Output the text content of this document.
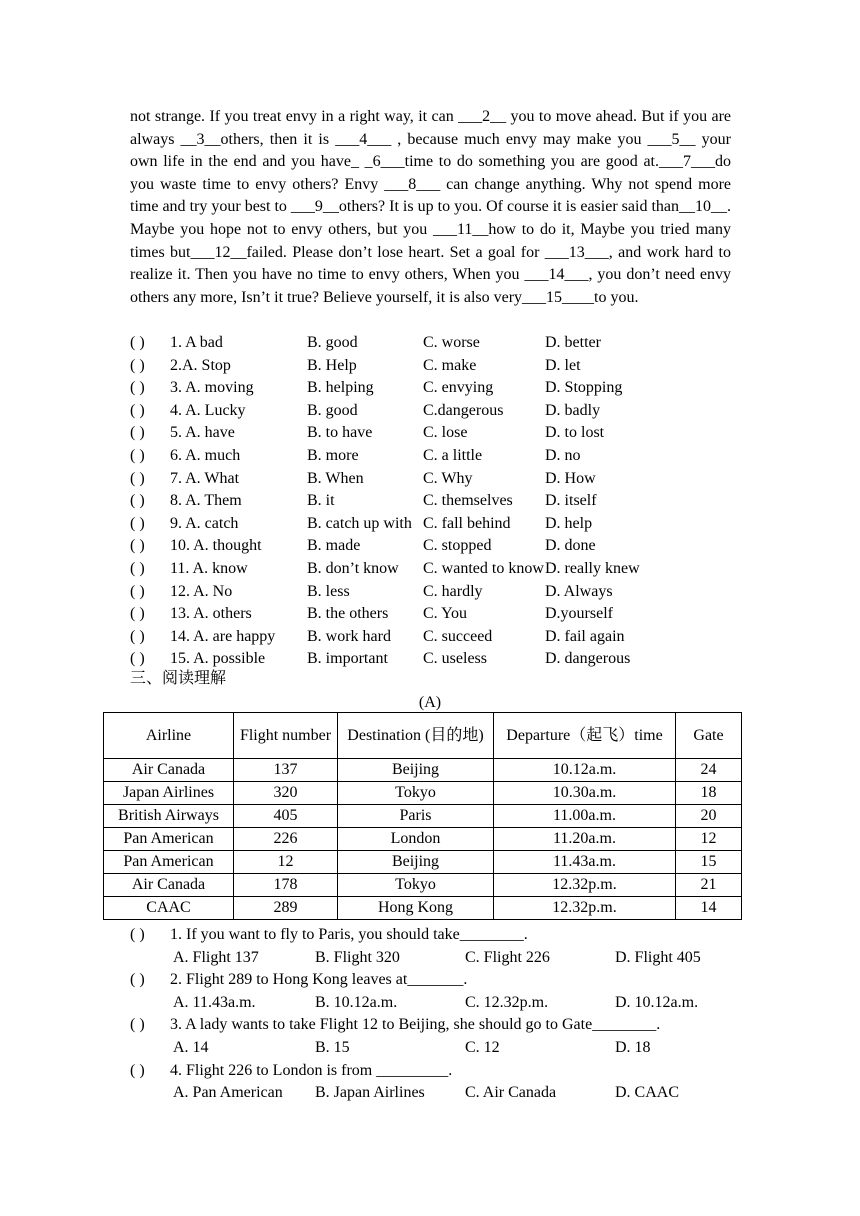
not strange. If you treat envy in a right way, it can ___2__ you to move ahead. But if you are always __3__others, then it is ___4___ , because much envy may make you ___5__ your own life in the end and you have_ _6___time to do something you are good at.___7___do you waste time to envy others? Envy ___8___ can change anything. Why not spend more time and try your best to ___9__others? It is up to you. Of course it is easier said than__10__. Maybe you hope not to envy others, but you ___11__how to do it, Maybe you tried many times but___12__failed. Please don’t lose heart. Set a goal for ___13___, and work hard to realize it. Then you have no time to envy others, When you ___14___, you don’t need envy others any more, Isn’t it true? Believe yourself, it is also very___15____to you.

( ) 1. A bad	B. good	C. worse	D. better
( ) 2.A. Stop	B. Help	C. make	D. let
( ) 3. A. moving	B. helping	C. envying	D. Stopping
( ) 4. A. Lucky	B. good	C.dangerous	D. badly
( ) 5. A. have	B. to have	C. lose	D. to lost
( ) 6. A. much	B. more	C. a little	D. no
( ) 7. A. What	B. When	C. Why	D. How
( ) 8. A. Them	B. it	C. themselves D. itself
( ) 9. A. catch	B. catch up with C. fall behind D. help
( ) 10. A. thought	B. made	C. stopped	D. done
( ) 11. A. know	B. don’t know C. wanted to know D. really knew
( ) 12. A. No	B. less	C. hardly	D. Always
( ) 13. A. others	B. the others C. You	D.yourself
( ) 14. A. are happy B. work hard C. succeed	D. fail again
( ) 15. A. possible	B. important C. useless	D. dangerous
三、阅读理解
(A)
Airline	Flight number	Destination (目的地)	Departure（起飞）time	Gate
Air Canada	137	Beijing	10.12a.m.	24
Japan Airlines	320	Tokyo	10.30a.m.	18
British Airways	405	Paris	11.00a.m.	20
Pan American	226	London	11.20a.m.	12
Pan American	12	Beijing	11.43a.m.	15
Air Canada	178	Tokyo	12.32p.m.	21
CAAC	289	Hong Kong	12.32p.m.	14
( ) 1. If you want to fly to Paris, you should take________.
A. Flight 137	B. Flight 320	C. Flight 226	D. Flight 405
( ) 2. Flight 289 to Hong Kong leaves at_______.
A. 11.43a.m.	B. 10.12a.m.	C. 12.32p.m.	D. 10.12a.m.
( ) 3. A lady wants to take Flight 12 to Beijing, she should go to Gate________.
A. 14	B. 15	C. 12	D. 18
( ) 4. Flight 226 to London is from _________.
A. Pan American B. Japan Airlines	C. Air Canada	D. CAAC
